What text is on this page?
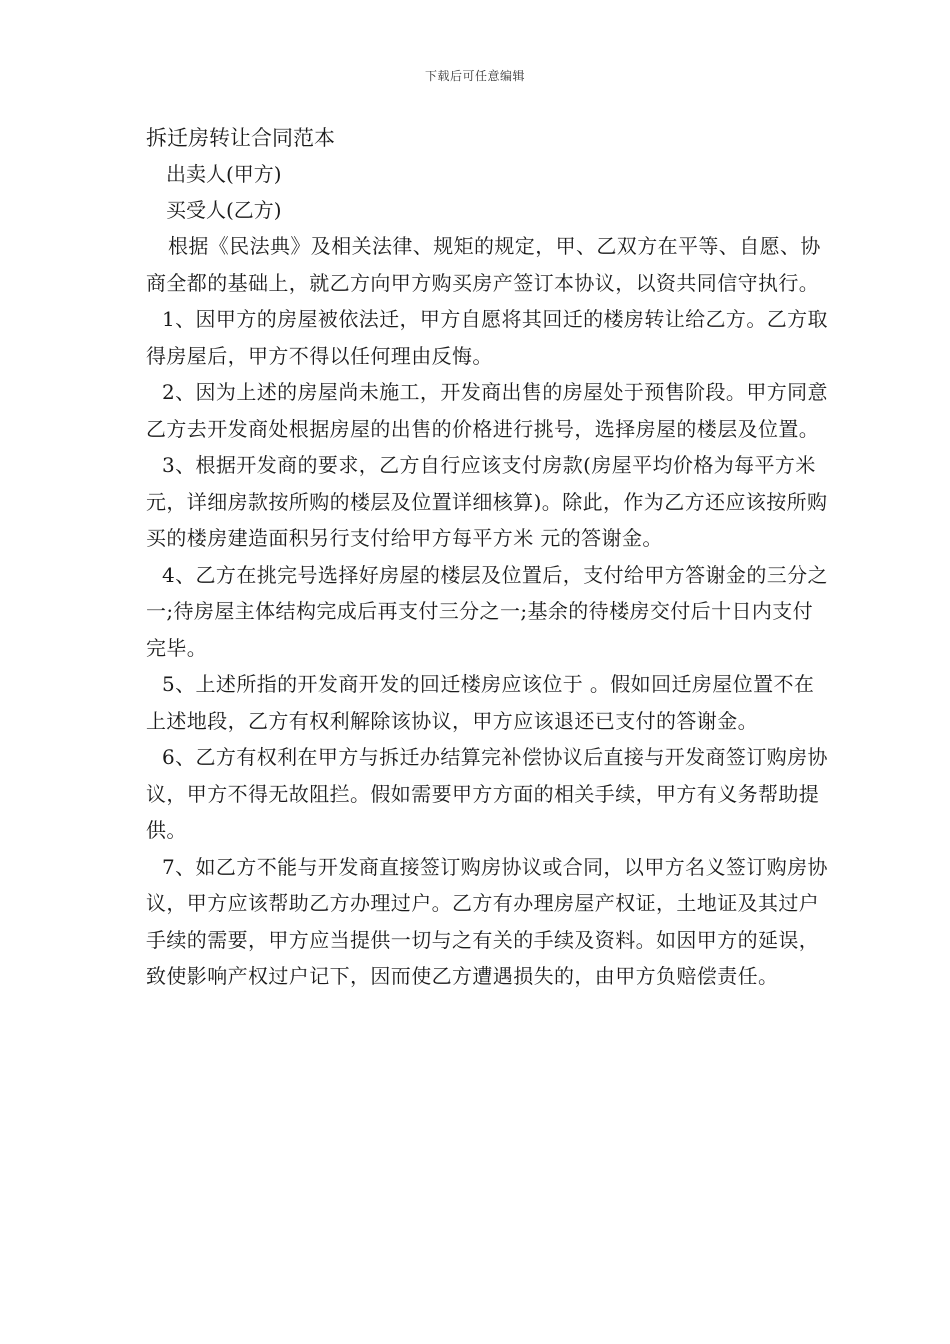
下载后可任意编辑
拆迁房转让合同范本

出卖人(甲方)

买受人(乙方)

根据《民法典》及相关法律、规矩的规定，甲、乙双方在平等、自愿、协商全都的基础上，就乙方向甲方购买房产签订本协议，以资共同信守执行。

1、因甲方的房屋被依法迁，甲方自愿将其回迁的楼房转让给乙方。乙方取得房屋后，甲方不得以任何理由反悔。

2、因为上述的房屋尚未施工，开发商出售的房屋处于预售阶段。甲方同意乙方去开发商处根据房屋的出售的价格进行挑号，选择房屋的楼层及位置。

3、根据开发商的要求，乙方自行应该支付房款(房屋平均价格为每平方米 元，详细房款按所购的楼层及位置详细核算)。除此，作为乙方还应该按所购买的楼房建造面积另行支付给甲方每平方米 元的答谢金。

4、乙方在挑完号选择好房屋的楼层及位置后，支付给甲方答谢金的三分之一;待房屋主体结构完成后再支付三分之一;基余的待楼房交付后十日内支付完毕。

5、上述所指的开发商开发的回迁楼房应该位于 。假如回迁房屋位置不在上述地段，乙方有权利解除该协议，甲方应该退还已支付的答谢金。

6、乙方有权利在甲方与拆迁办结算完补偿协议后直接与开发商签订购房协议，甲方不得无故阻拦。假如需要甲方方面的相关手续，甲方有义务帮助提供。

7、如乙方不能与开发商直接签订购房协议或合同，以甲方名义签订购房协议，甲方应该帮助乙方办理过户。乙方有办理房屋产权证，土地证及其过户手续的需要，甲方应当提供一切与之有关的手续及资料。如因甲方的延误，致使影响产权过户记下，因而使乙方遭遇损失的，由甲方负赔偿责任。
